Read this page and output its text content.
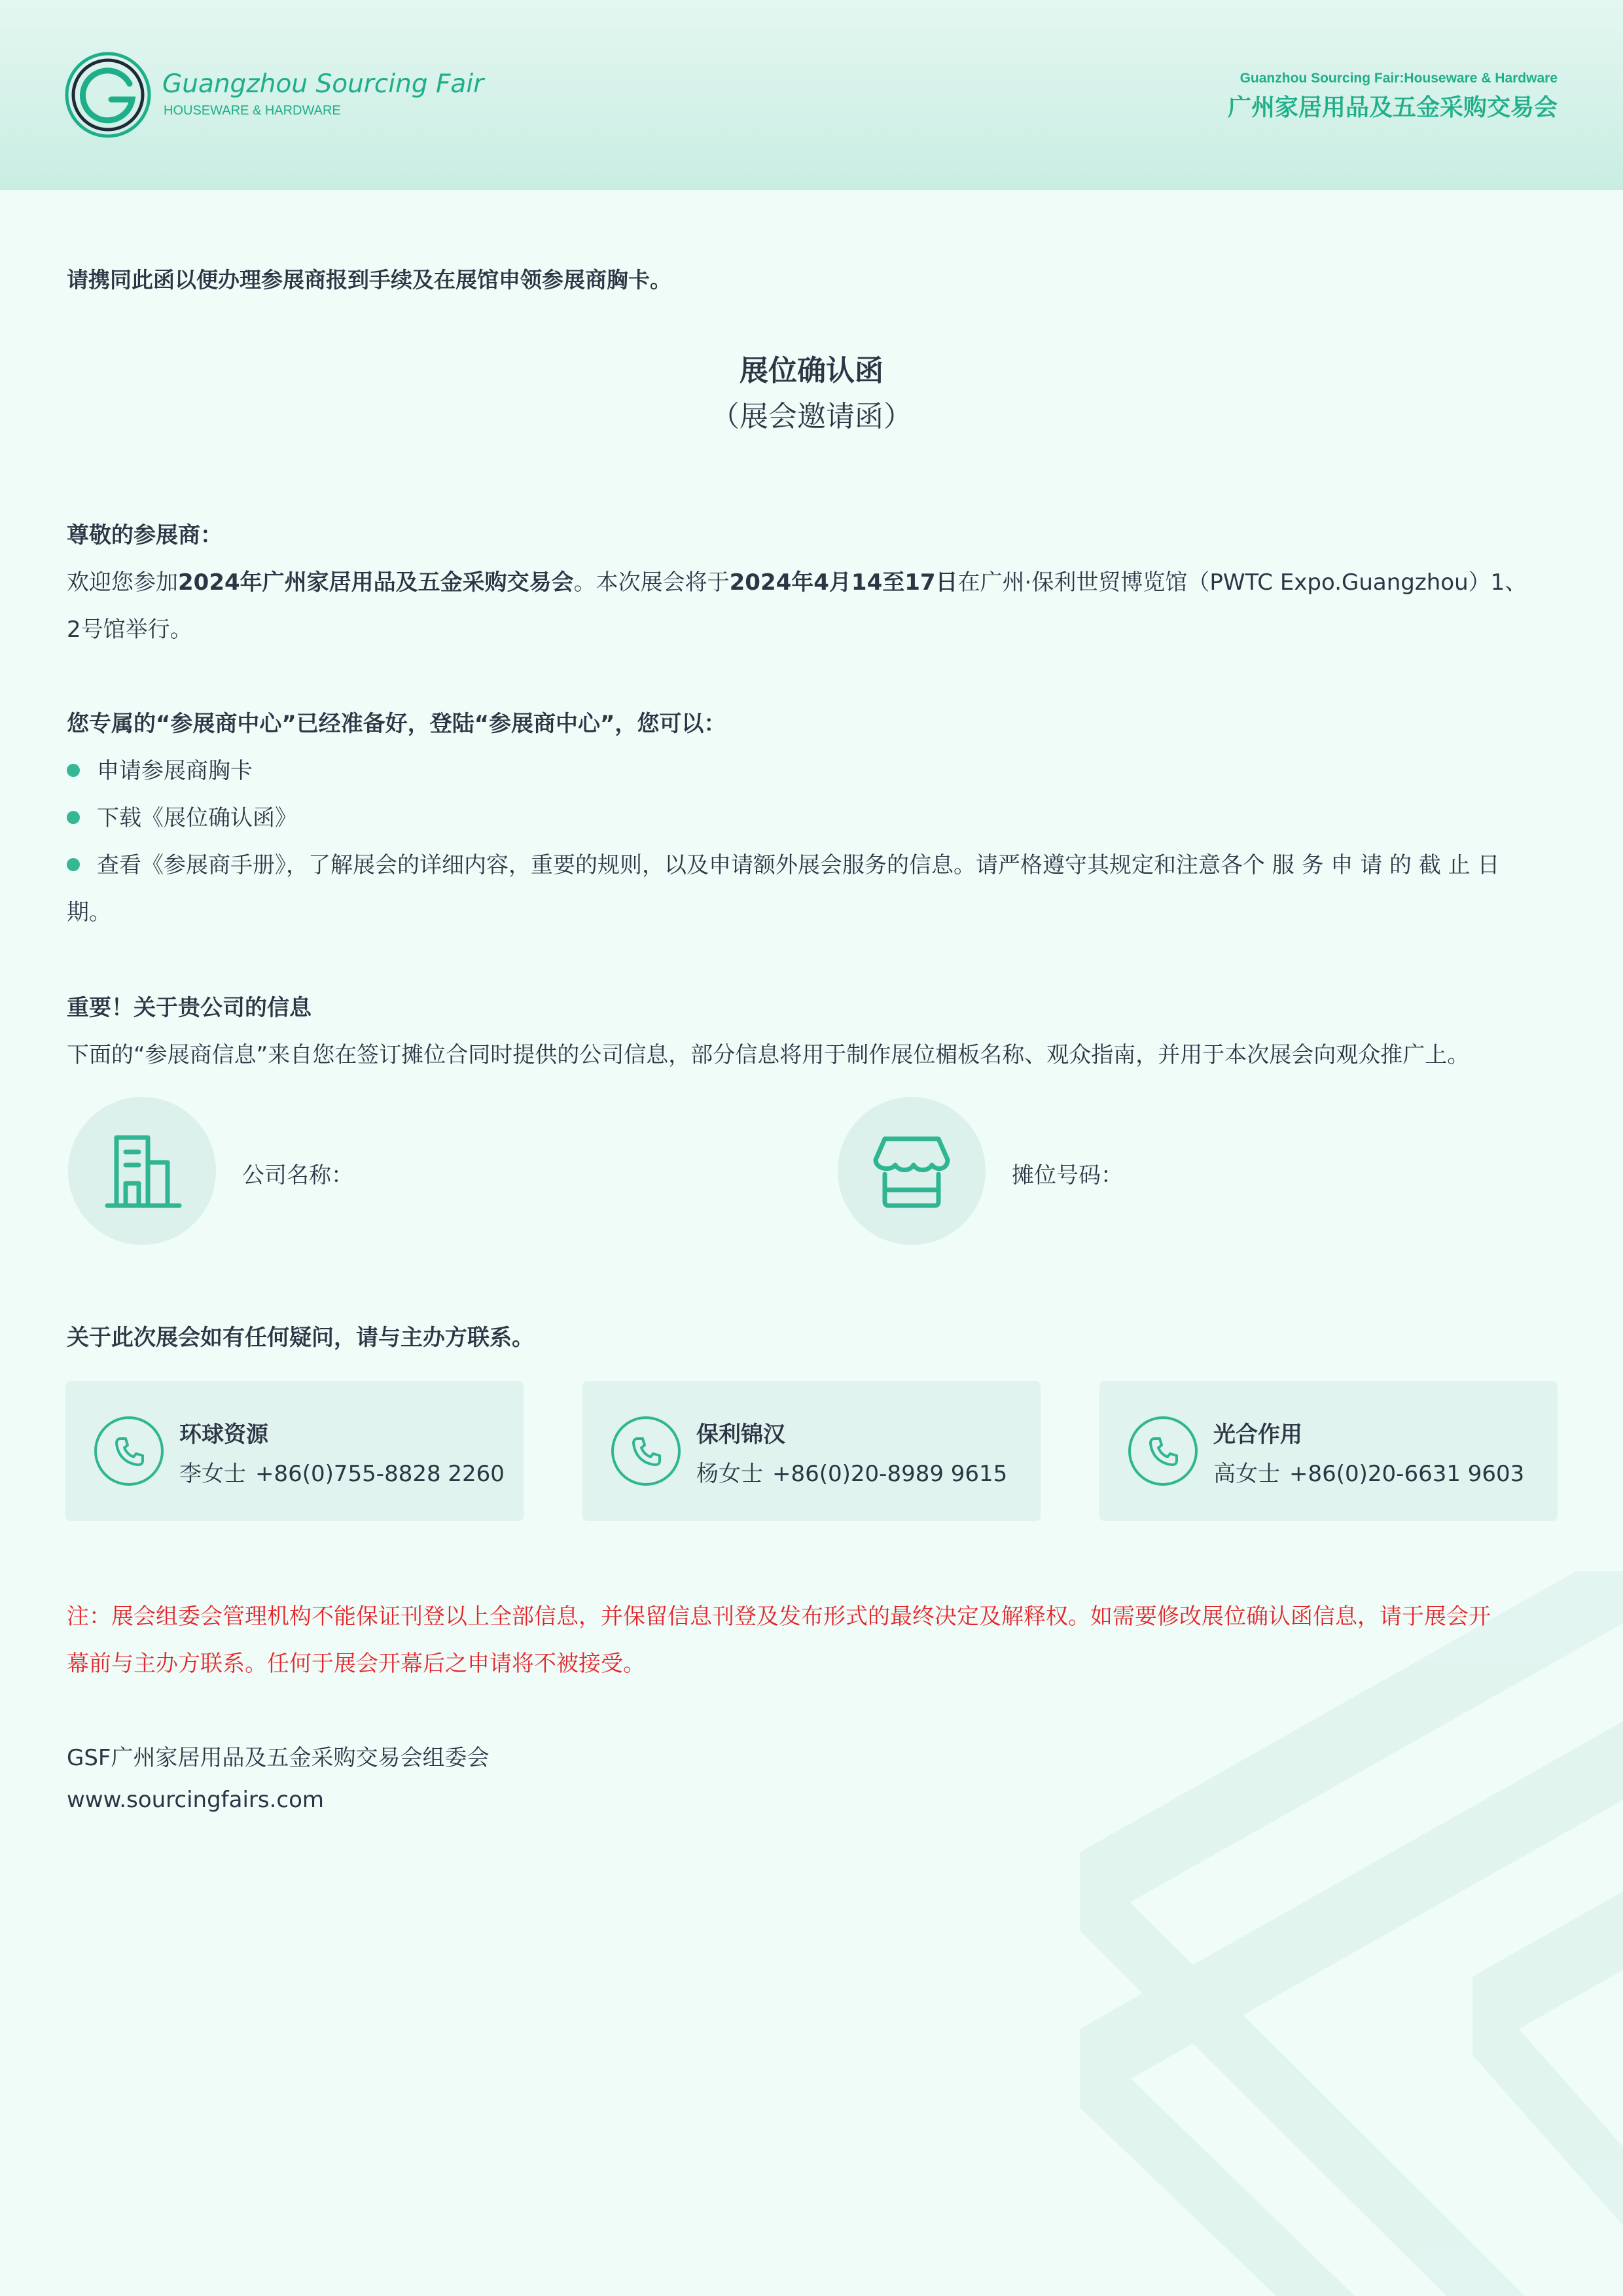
Guangzhou Sourcing Fair
HOUSEWARE & HARDWARE
Guanzhou Sourcing Fair:Houseware & Hardware
广州家居用品及五金采购交易会
请携同此函以便办理参展商报到手续及在展馆申领参展商胸卡。
展位确认函
（展会邀请函）
尊敬的参展商：
欢迎您参加2024年广州家居用品及五金采购交易会。本次展会将于2024年4月14至17日在广州·保利世贸博览馆（PWTC Expo.Guangzhou）1、
2号馆举行。
您专属的“参展商中心”已经准备好，登陆“参展商中心”，您可以：
申请参展商胸卡
下载《展位确认函》
查看《参展商手册》，了解展会的详细内容，重要的规则，以及申请额外展会服务的信息。请严格遵守其规定和注意各个 服 务 申 请 的 截 止 日
期。
重要！关于贵公司的信息
下面的“参展商信息”来自您在签订摊位合同时提供的公司信息，部分信息将用于制作展位楣板名称、观众指南，并用于本次展会向观众推广上。
公司名称：	摊位号码：
关于此次展会如有任何疑问，请与主办方联系。
环球资源
李女士 +86(0)755-8828 2260
保利锦汉
杨女士 +86(0)20-8989 9615
光合作用
高女士 +86(0)20-6631 9603
注：展会组委会管理机构不能保证刊登以上全部信息，并保留信息刊登及发布形式的最终决定及解释权。如需要修改展位确认函信息，请于展会开
幕前与主办方联系。任何于展会开幕后之申请将不被接受。
GSF广州家居用品及五金采购交易会组委会
www.sourcingfairs.com
